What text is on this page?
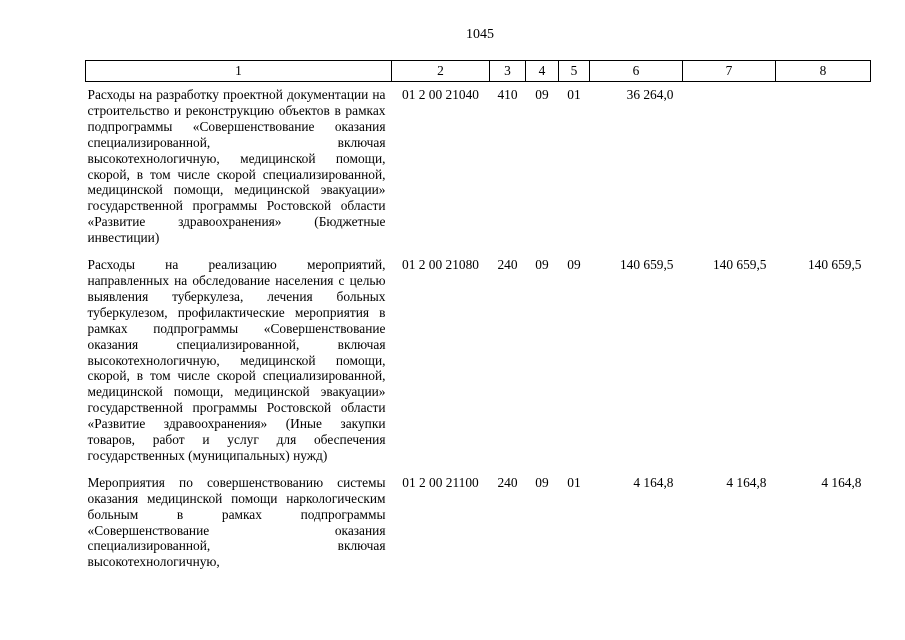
1045
1	2	3	4	5	6	7	8
Расходы на разработку проектной документации на строительство и реконструкцию объектов в рамках подпрограммы «Совершенствование оказания специализированной, включая высокотехнологичную, медицинской помощи, скорой, в том числе скорой специализированной, медицинской помощи, медицинской эвакуации» государственной программы Ростовской области «Развитие здравоохранения» (Бюджетные инвестиции)	01 2 00 21040	410	09	01	36 264,0		
Расходы на реализацию мероприятий, направленных на обследование населения с целью выявления туберкулеза, лечения больных туберкулезом, профилактические мероприятия в рамках подпрограммы «Совершенствование оказания специализированной, включая высокотехнологичную, медицинской помощи, скорой, в том числе скорой специализированной, медицинской помощи, медицинской эвакуации» государственной программы Ростовской области «Развитие здравоохранения» (Иные закупки товаров, работ и услуг для обеспечения государственных (муниципальных) нужд)	01 2 00 21080	240	09	09	140 659,5	140 659,5	140 659,5
Мероприятия по совершенствованию системы оказания медицинской помощи наркологическим больным в рамках подпрограммы «Совершенствование оказания специализированной, включая высокотехнологичную,	01 2 00 21100	240	09	01	4 164,8	4 164,8	4 164,8
